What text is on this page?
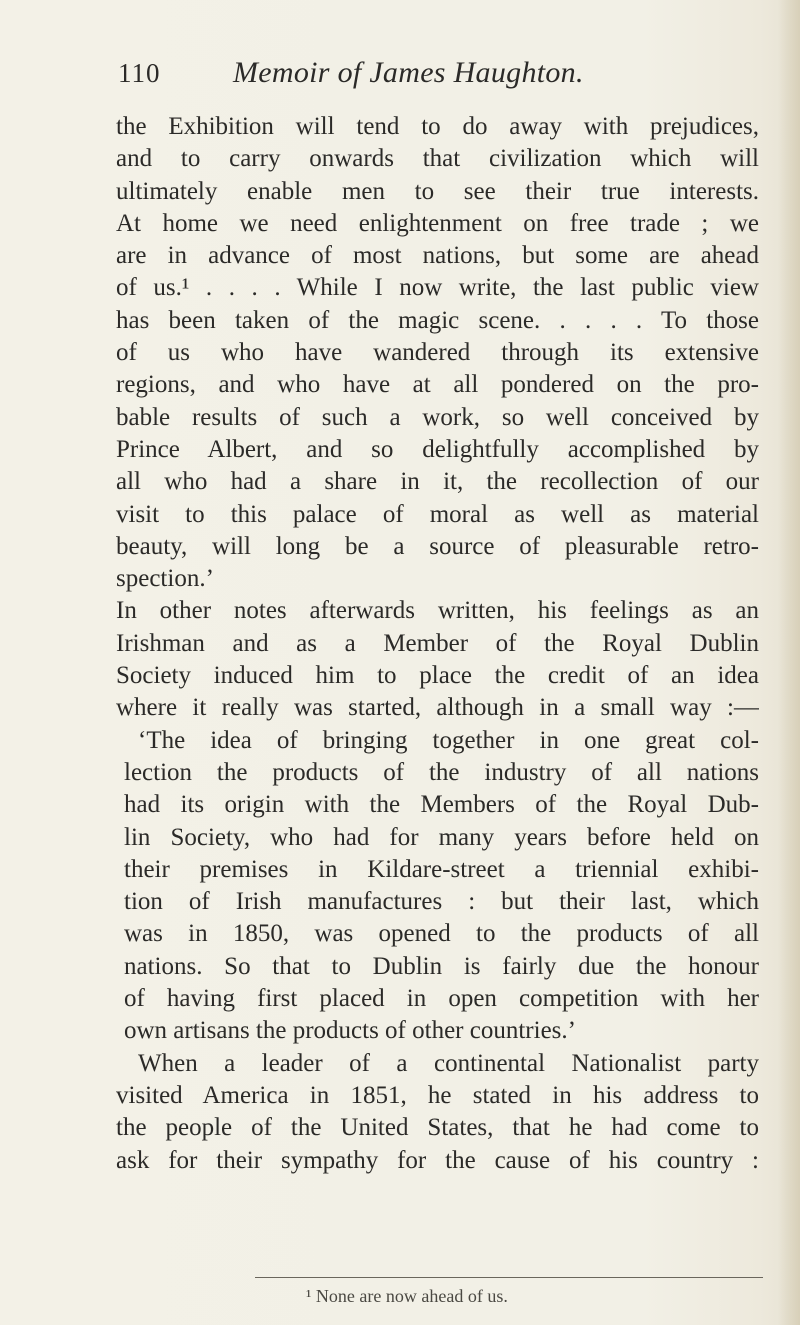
110 Memoir of James Haughton.
the Exhibition will tend to do away with prejudices,
and to carry onwards that civilization which will
ultimately enable men to see their true interests.
At home we need enlightenment on free trade ; we
are in advance of most nations, but some are ahead
of us.¹ . . . . While I now write, the last public view
has been taken of the magic scene. . . . . To those
of us who have wandered through its extensive
regions, and who have at all pondered on the pro-
bable results of such a work, so well conceived by
Prince Albert, and so delightfully accomplished by
all who had a share in it, the recollection of our
visit to this palace of moral as well as material
beauty, will long be a source of pleasurable retro-
spection.’
In other notes afterwards written, his feelings as an
Irishman and as a Member of the Royal Dublin
Society induced him to place the credit of an idea
where it really was started, although in a small way :—
‘The idea of bringing together in one great col-
lection the products of the industry of all nations
had its origin with the Members of the Royal Dub-
lin Society, who had for many years before held on
their premises in Kildare-street a triennial exhibi-
tion of Irish manufactures : but their last, which
was in 1850, was opened to the products of all
nations. So that to Dublin is fairly due the honour
of having first placed in open competition with her
own artisans the products of other countries.’
When a leader of a continental Nationalist party
visited America in 1851, he stated in his address to
the people of the United States, that he had come to
ask for their sympathy for the cause of his country :
¹ None are now ahead of us.
